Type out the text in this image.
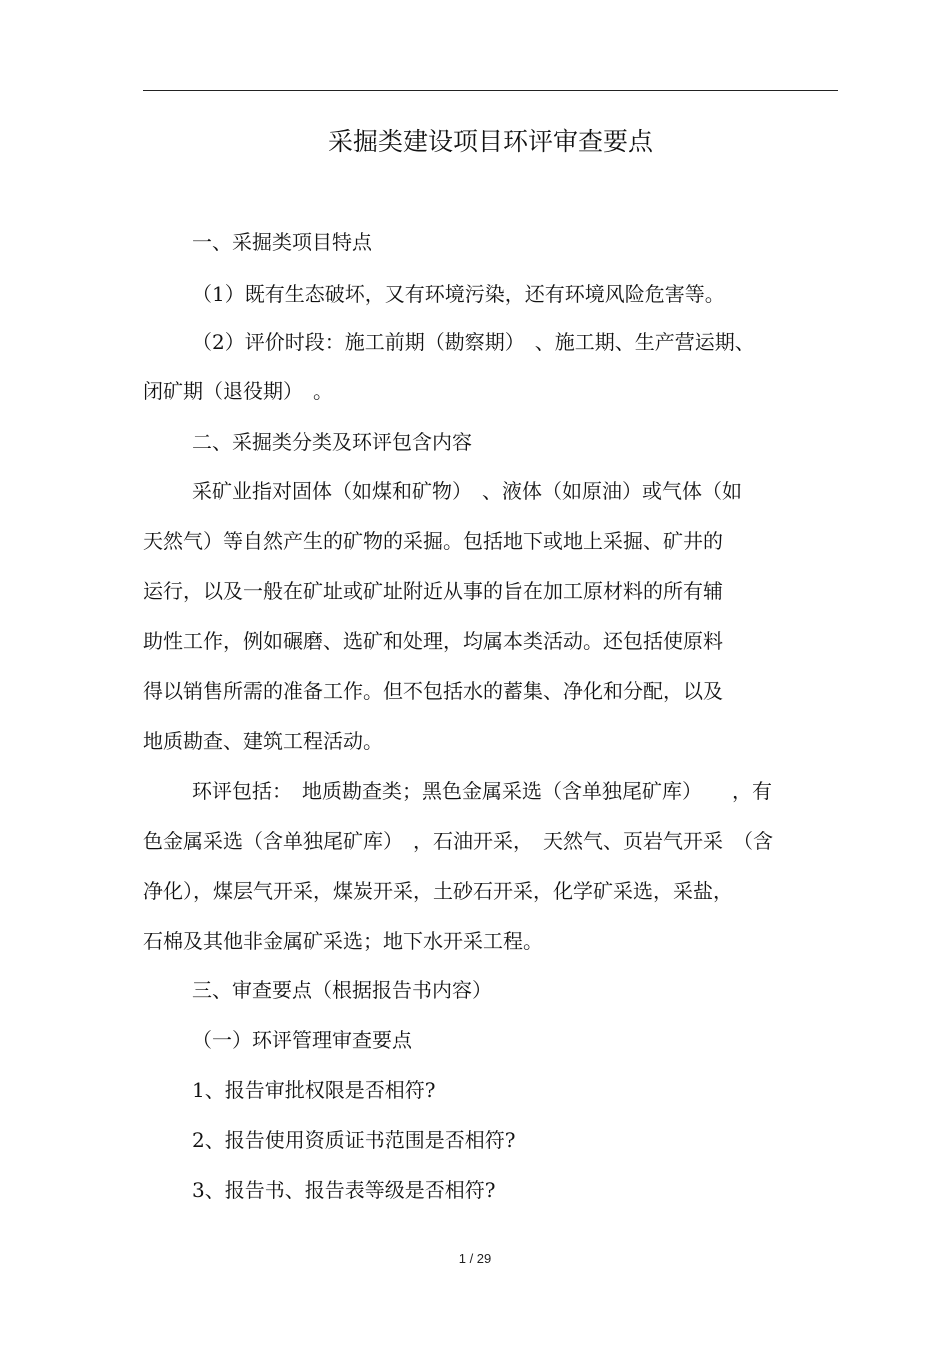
采掘类建设项目环评审查要点
一、采掘类项目特点
（1）既有生态破坏，又有环境污染，还有环境风险危害等。
（2）评价时段：施工前期（勘察期）　、施工期、生产营运期、
闭矿期（退役期）　。
二、采掘类分类及环评包含内容
采矿业指对固体（如煤和矿物）　、液体（如原油）或气体（如
天然气）等自然产生的矿物的采掘。包括地下或地上采掘、矿井的
运行，以及一般在矿址或矿址附近从事的旨在加工原材料的所有辅
助性工作，例如碾磨、选矿和处理，均属本类活动。还包括使原料
得以销售所需的准备工作。但不包括水的蓄集、净化和分配，以及
地质勘查、建筑工程活动。
环评包括：　地质勘查类；黑色金属采选（含单独尾矿库）　　，有
色金属采选（含单独尾矿库）　，石油开采，　天然气、页岩气开采　（含
净化），煤层气开采，煤炭开采，土砂石开采，化学矿采选，采盐，
石棉及其他非金属矿采选；地下水开采工程。
三、审查要点（根据报告书内容）
（一）环评管理审查要点
1、报告审批权限是否相符?
2、报告使用资质证书范围是否相符?
3、报告书、报告表等级是否相符?
1 / 29
